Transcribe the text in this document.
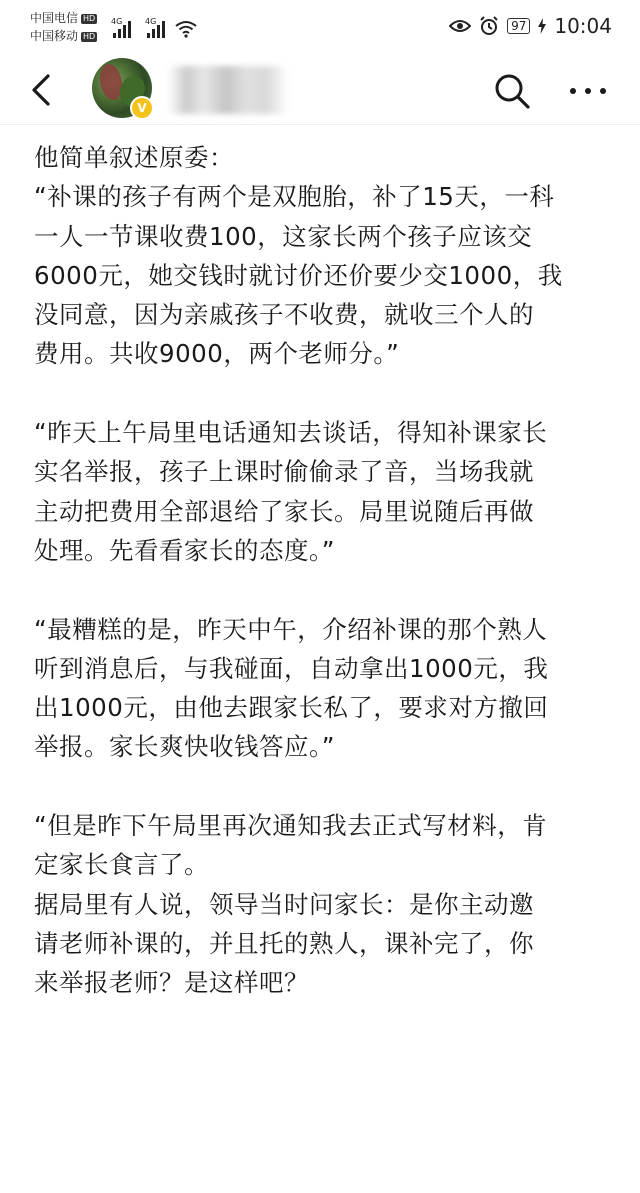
中国电信 HD
中国移动 HD
4G	4G	97 10:04
V
他简单叙述原委：
“补课的孩子有两个是双胞胎，补了15天，一科
一人一节课收费100，这家长两个孩子应该交
6000元，她交钱时就讨价还价要少交1000，我
没同意，因为亲戚孩子不收费，就收三个人的
费用。共收9000，两个老师分。”
“昨天上午局里电话通知去谈话，得知补课家长
实名举报，孩子上课时偷偷录了音，当场我就
主动把费用全部退给了家长。局里说随后再做
处理。先看看家长的态度。”
“最糟糕的是，昨天中午，介绍补课的那个熟人
听到消息后，与我碰面，自动拿出1000元，我
出1000元，由他去跟家长私了，要求对方撤回
举报。家长爽快收钱答应。”
“但是昨下午局里再次通知我去正式写材料，肯
定家长食言了。
据局里有人说，领导当时问家长：是你主动邀
请老师补课的，并且托的熟人，课补完了，你
来举报老师？是这样吧？
